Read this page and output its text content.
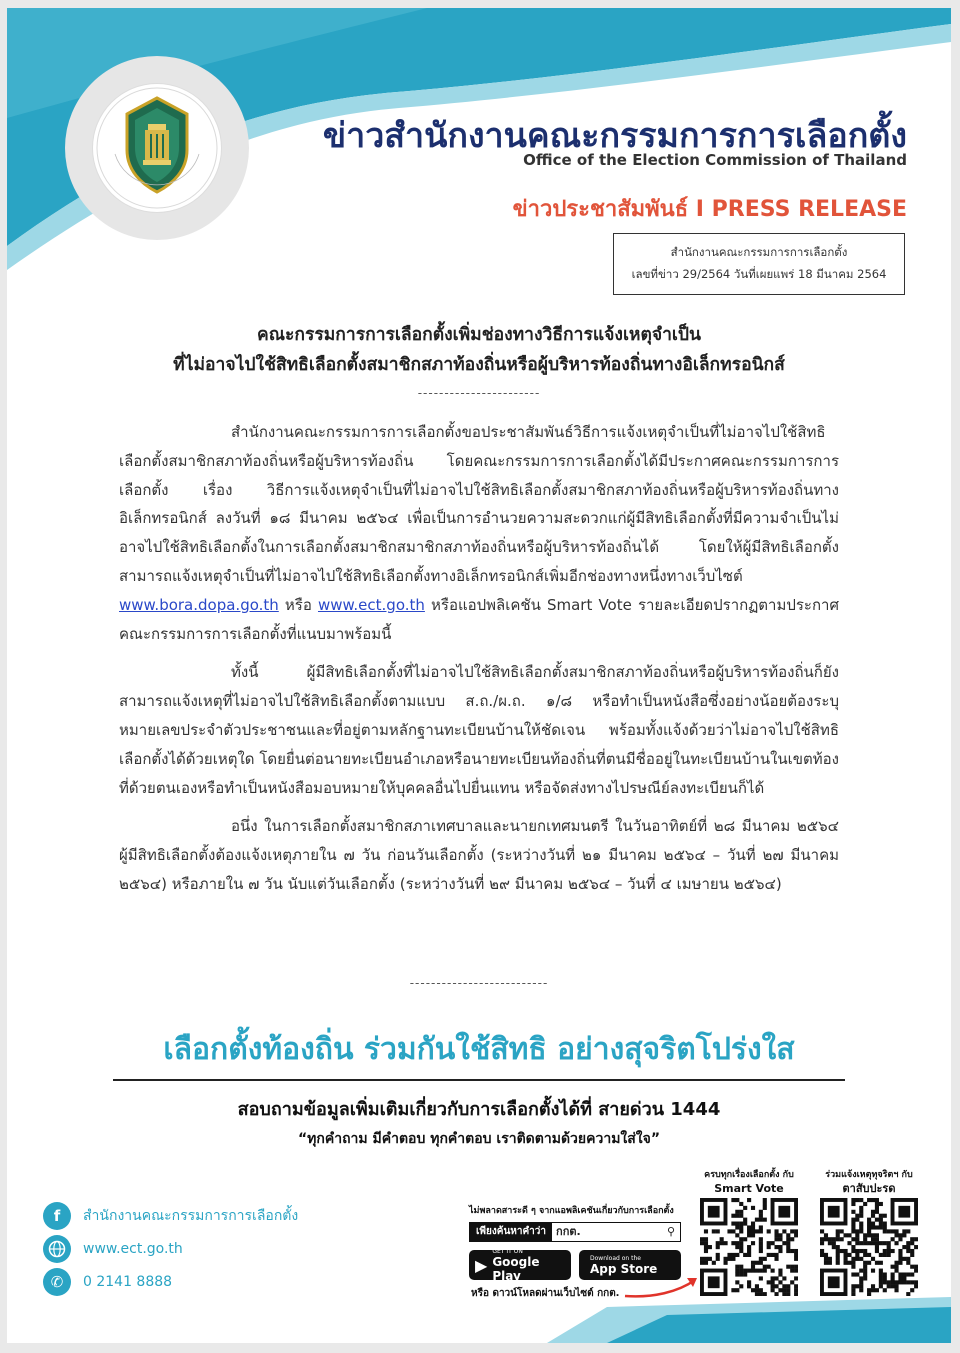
ข่าวสำนักงานคณะกรรมการการเลือกตั้ง
Office of the Election Commission of Thailand
ข่าวประชาสัมพันธ์ I PRESS RELEASE
สำนักงานคณะกรรมการการเลือกตั้ง
เลขที่ข่าว 29/2564 วันที่เผยแพร่ 18 มีนาคม 2564
คณะกรรมการการเลือกตั้งเพิ่มช่องทางวิธีการแจ้งเหตุจำเป็น
ที่ไม่อาจไปใช้สิทธิเลือกตั้งสมาชิกสภาท้องถิ่นหรือผู้บริหารท้องถิ่นทางอิเล็กทรอนิกส์
-----------------------

สำนักงานคณะกรรมการการเลือกตั้งขอประชาสัมพันธ์วิธีการแจ้งเหตุจำเป็นที่ไม่อาจไปใช้สิทธิเลือกตั้งสมาชิกสภาท้องถิ่นหรือผู้บริหารท้องถิ่น โดยคณะกรรมการการเลือกตั้งได้มีประกาศคณะกรรมการการเลือกตั้ง เรื่อง วิธีการแจ้งเหตุจำเป็นที่ไม่อาจไปใช้สิทธิเลือกตั้งสมาชิกสภาท้องถิ่นหรือผู้บริหารท้องถิ่นทางอิเล็กทรอนิกส์ ลงวันที่ ๑๘ มีนาคม ๒๕๖๔ เพื่อเป็นการอำนวยความสะดวกแก่ผู้มีสิทธิเลือกตั้งที่มีความจำเป็นไม่อาจไปใช้สิทธิเลือกตั้งในการเลือกตั้งสมาชิกสมาชิกสภาท้องถิ่นหรือผู้บริหารท้องถิ่นได้ โดยให้ผู้มีสิทธิเลือกตั้งสามารถแจ้งเหตุจำเป็นที่ไม่อาจไปใช้สิทธิเลือกตั้งทางอิเล็กทรอนิกส์เพิ่มอีกช่องทางหนึ่งทางเว็บไซต์ www.bora.dopa.go.th หรือ www.ect.go.th หรือแอปพลิเคชัน Smart Vote รายละเอียดปรากฏตามประกาศคณะกรรมการการเลือกตั้งที่แนบมาพร้อมนี้

ทั้งนี้ ผู้มีสิทธิเลือกตั้งที่ไม่อาจไปใช้สิทธิเลือกตั้งสมาชิกสภาท้องถิ่นหรือผู้บริหารท้องถิ่นก็ยังสามารถแจ้งเหตุที่ไม่อาจไปใช้สิทธิเลือกตั้งตามแบบ ส.ถ./ผ.ถ. ๑/๘ หรือทำเป็นหนังสือซึ่งอย่างน้อยต้องระบุหมายเลขประจำตัวประชาชนและที่อยู่ตามหลักฐานทะเบียนบ้านให้ชัดเจน พร้อมทั้งแจ้งด้วยว่าไม่อาจไปใช้สิทธิเลือกตั้งได้ด้วยเหตุใด โดยยื่นต่อนายทะเบียนอำเภอหรือนายทะเบียนท้องถิ่นที่ตนมีชื่ออยู่ในทะเบียนบ้านในเขตท้องที่ด้วยตนเองหรือทำเป็นหนังสือมอบหมายให้บุคคลอื่นไปยื่นแทน หรือจัดส่งทางไปรษณีย์ลงทะเบียนก็ได้

อนึ่ง ในการเลือกตั้งสมาชิกสภาเทศบาลและนายกเทศมนตรี ในวันอาทิตย์ที่ ๒๘ มีนาคม ๒๕๖๔ ผู้มีสิทธิเลือกตั้งต้องแจ้งเหตุภายใน ๗ วัน ก่อนวันเลือกตั้ง (ระหว่างวันที่ ๒๑ มีนาคม ๒๕๖๔ – วันที่ ๒๗ มีนาคม ๒๕๖๔) หรือภายใน ๗ วัน นับแต่วันเลือกตั้ง (ระหว่างวันที่ ๒๙ มีนาคม ๒๕๖๔ – วันที่ ๔ เมษายน ๒๕๖๔)

--------------------------
เลือกตั้งท้องถิ่น ร่วมกันใช้สิทธิ อย่างสุจริตโปร่งใส
สอบถามข้อมูลเพิ่มเติมเกี่ยวกับการเลือกตั้งได้ที่ สายด่วน 1444
“ทุกคำถาม มีคำตอบ ทุกคำตอบ เราติดตามด้วยความใส่ใจ”
f	สำนักงานคณะกรรมการการเลือกตั้ง
www.ect.go.th
✆	0 2141 8888
ไม่พลาดสาระดี ๆ จากแอพลิเคชันเกี่ยวกับการเลือกตั้ง
เพียงค้นหาคำว่า กกต.	⚲
▶
GET IT ON
Google Play
Download on the
App Store
หรือ ดาวน์โหลดผ่านเว็บไซต์ กกต.
ครบทุกเรื่องเลือกตั้ง กับ
Smart Vote
ร่วมแจ้งเหตุทุจริตฯ กับ
ตาสับปะรด
